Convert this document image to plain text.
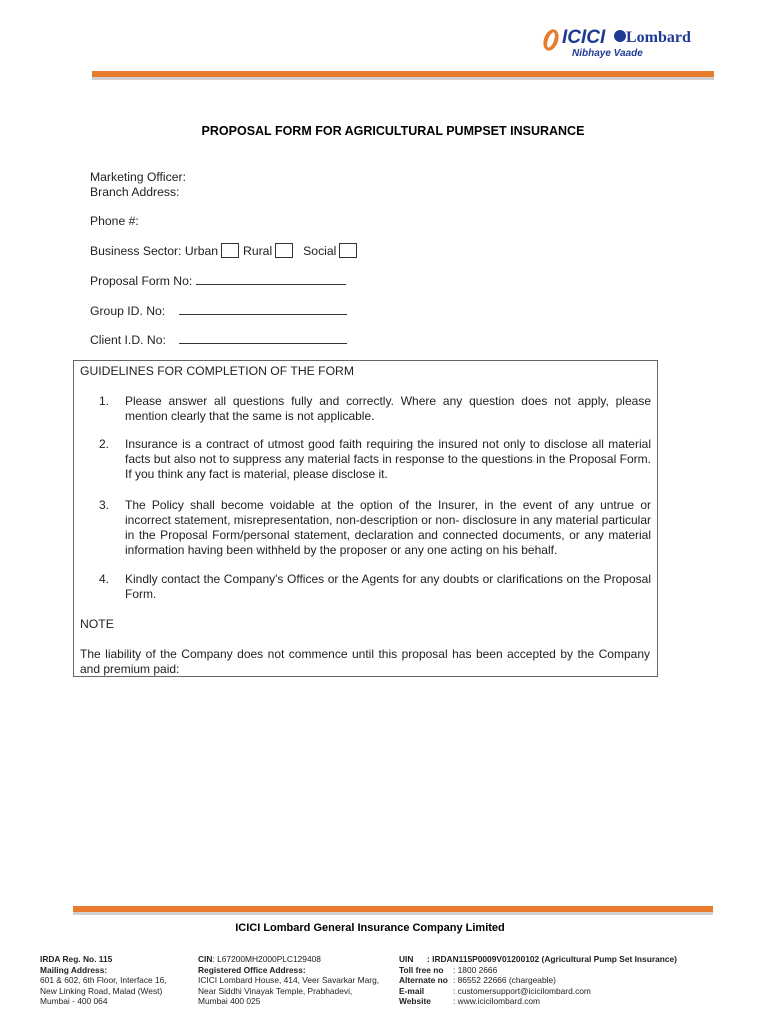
ICICI Lombard
Nibhaye Vaade
PROPOSAL FORM FOR AGRICULTURAL PUMPSET INSURANCE
Marketing Officer:
Branch Address:
Phone #:
Business Sector: Urban Rural	Social
Proposal Form No:
Group ID. No:
Client I.D. No:
GUIDELINES FOR COMPLETION OF THE FORM
1. Please answer all questions fully and correctly. Where any question does not apply, please mention clearly that the same is not applicable.
2. Insurance is a contract of utmost good faith requiring the insured not only to disclose all material facts but also not to suppress any material facts in response to the questions in the Proposal Form. If you think any fact is material, please disclose it.
3. The Policy shall become voidable at the option of the Insurer, in the event of any untrue or incorrect statement, misrepresentation, non-description or non- disclosure in any material particular in the Proposal Form/personal statement, declaration and connected documents, or any material information having been withheld by the proposer or any one acting on his behalf.
4. Kindly contact the Company's Offices or the Agents for any doubts or clarifications on the Proposal Form.
NOTE
The liability of the Company does not commence until this proposal has been accepted by the Company and premium paid:
ICICI Lombard General Insurance Company Limited
IRDA Reg. No. 115
Mailing Address:
601 & 602, 6th Floor, Interface 16,
New Linking Road, Malad (West)
Mumbai - 400 064
CIN: L67200MH2000PLC129408
Registered Office Address:
ICICI Lombard House, 414, Veer Savarkar Marg,
Near Siddhi Vinayak Temple, Prabhadevi,
Mumbai 400 025
UIN : IRDAN115P0009V01200102 (Agricultural Pump Set Insurance)
Toll free no : 1800 2666
Alternate no : 86552 22666 (chargeable)
E-mail	: customersupport@icicilombard.com
Website	: www.icicilombard.com
